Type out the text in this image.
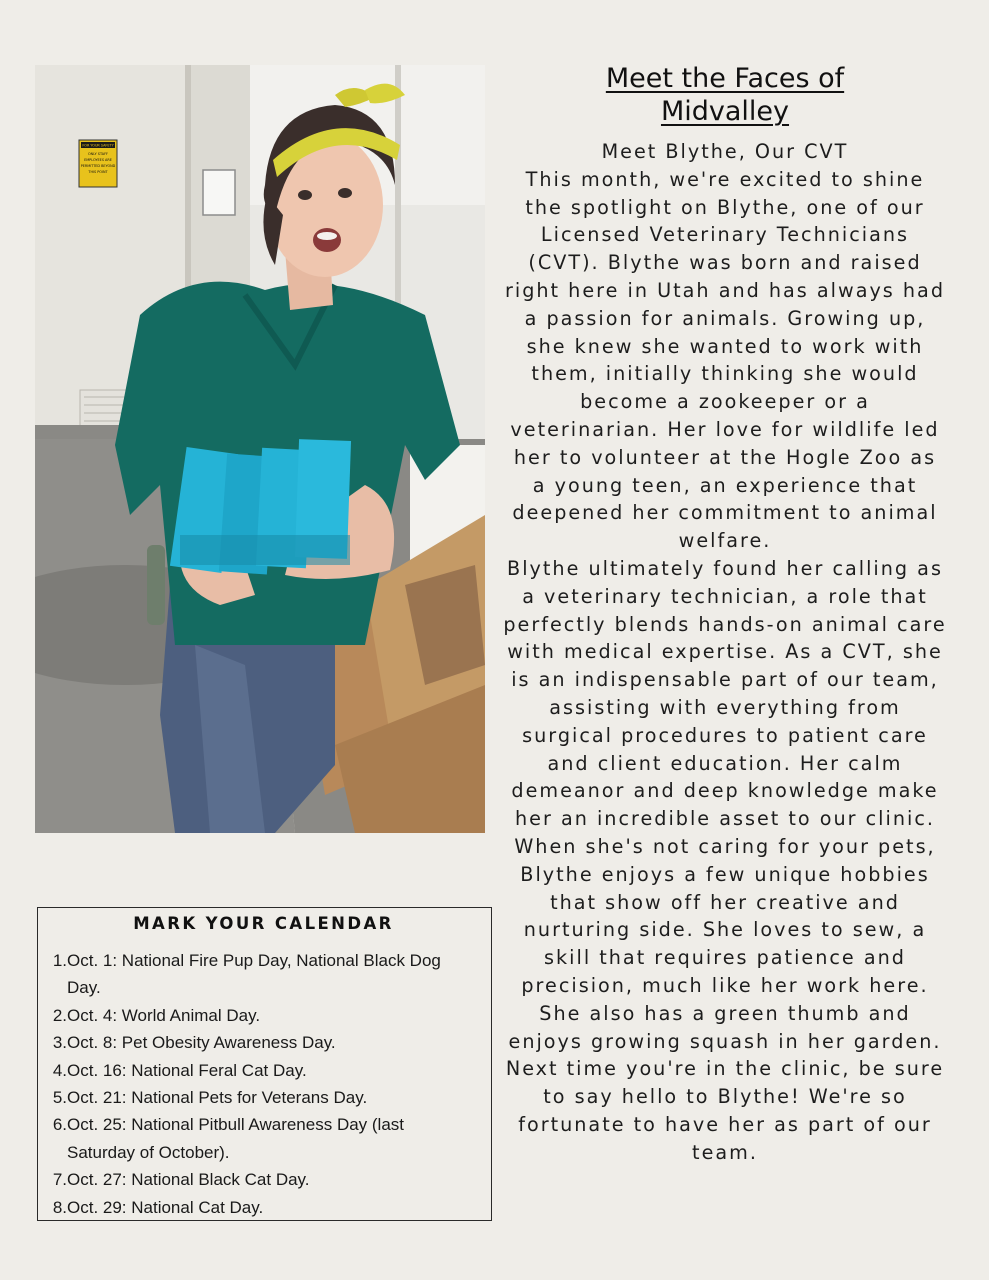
FOR YOUR SAFETY
ONLY STAFF
EMPLOYEES ARE
PERMITTED BEYOND
THIS POINT
Meet the Faces of
Midvalley

Meet Blythe, Our CVT

This month, we're excited to shine the spotlight on Blythe, one of our Licensed Veterinary Technicians (CVT). Blythe was born and raised right here in Utah and has always had a passion for animals. Growing up, she knew she wanted to work with them, initially thinking she would become a zookeeper or a veterinarian. Her love for wildlife led her to volunteer at the Hogle Zoo as a young teen, an experience that deepened her commitment to animal welfare.

Blythe ultimately found her calling as a veterinary technician, a role that perfectly blends hands-on animal care with medical expertise. As a CVT, she is an indispensable part of our team, assisting with everything from surgical procedures to patient care and client education. Her calm demeanor and deep knowledge make her an incredible asset to our clinic.

When she's not caring for your pets, Blythe enjoys a few unique hobbies that show off her creative and nurturing side. She loves to sew, a skill that requires patience and precision, much like her work here. She also has a green thumb and enjoys growing squash in her garden.

Next time you're in the clinic, be sure to say hello to Blythe! We're so fortunate to have her as part of our team.

MARK YOUR CALENDAR
1. Oct. 1: National Fire Pup Day, National Black Dog Day.
2. Oct. 4: World Animal Day.
3. Oct. 8: Pet Obesity Awareness Day.
4. Oct. 16: National Feral Cat Day.
5. Oct. 21: National Pets for Veterans Day.
6. Oct. 25: National Pitbull Awareness Day (last Saturday of October).
7. Oct. 27: National Black Cat Day.
8. Oct. 29: National Cat Day.
